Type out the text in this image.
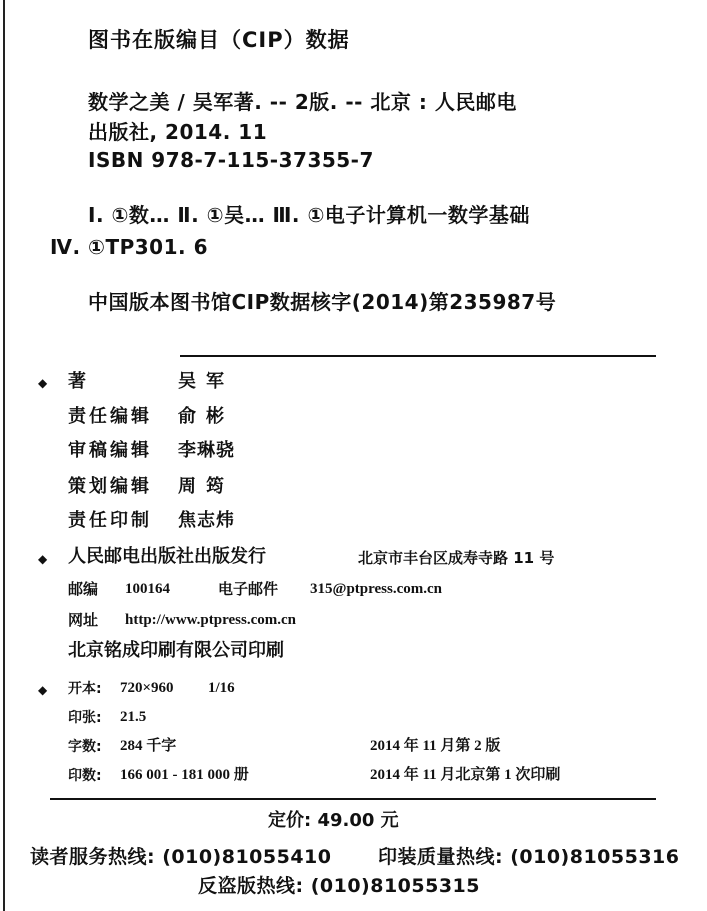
图书在版编目（CIP）数据
数学之美 / 吴军著. -- 2版. -- 北京 : 人民邮电
出版社, 2014. 11
ISBN 978-7-115-37355-7
Ⅰ. ①数… Ⅱ. ①吴… Ⅲ. ①电子计算机一数学基础
Ⅳ. ①TP301. 6
中国版本图书馆CIP数据核字(2014)第235987号
◆ 著	吴军
责任编辑 俞彬
审稿编辑 李琳骁
策划编辑 周筠
责任印制 焦志炜
◆ 人民邮电出版社出版发行	北京市丰台区成寿寺路 11 号
邮编 100164	电子邮件 315@ptpress.com.cn
网址 http://www.ptpress.com.cn
北京铭成印刷有限公司印刷
◆ 开本: 720×960 1/16
印张: 21.5
字数: 284 千字	2014 年 11 月第 2 版
印数: 166 001 - 181 000 册	2014 年 11 月北京第 1 次印刷
定价: 49.00 元
读者服务热线: (010)81055410 印装质量热线: (010)81055316
反盗版热线: (010)81055315
